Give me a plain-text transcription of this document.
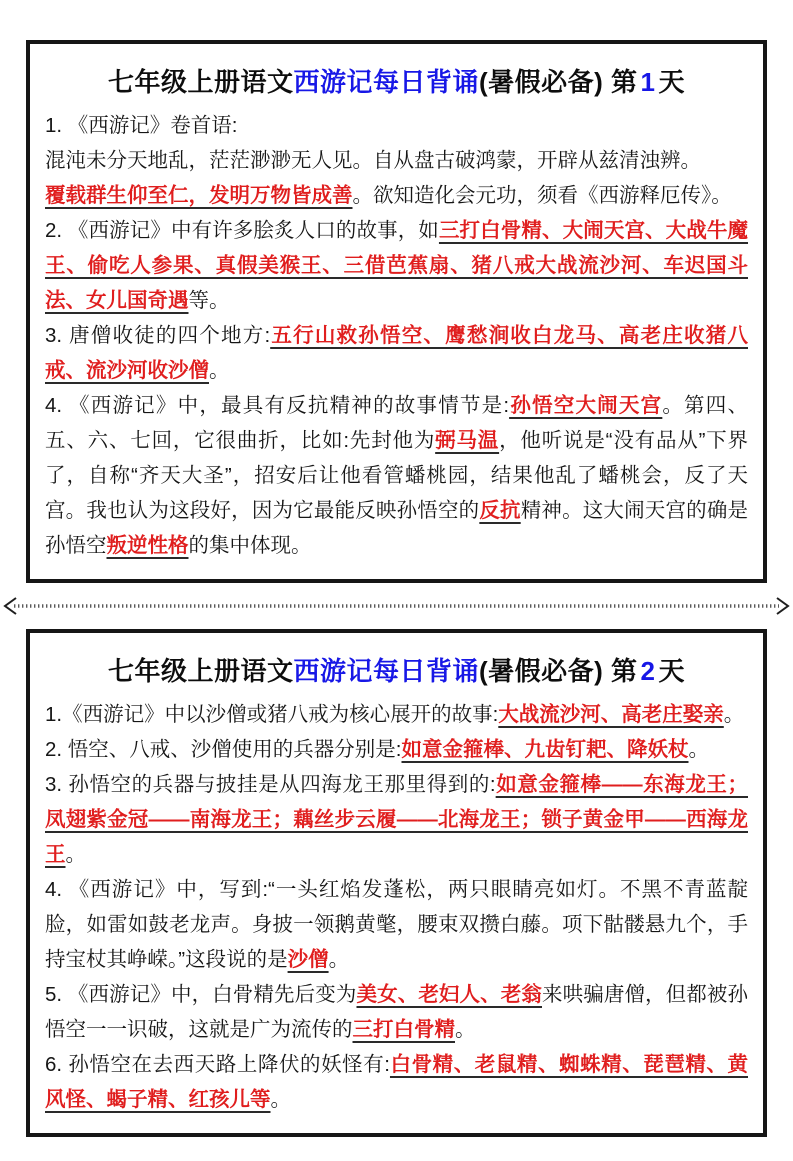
七年级上册语文西游记每日背诵(暑假必备) 第 1 天

1. 《西游记》卷首语:

混沌未分天地乱，茫茫渺渺无人见。自从盘古破鸿蒙，开辟从兹清浊辨。

覆载群生仰至仁，发明万物皆成善。欲知造化会元功，须看《西游释厄传》。

2. 《西游记》中有许多脍炙人口的故事，如三打白骨精、大闹天宫、大战牛魔王、偷吃人参果、真假美猴王、三借芭蕉扇、猪八戒大战流沙河、车迟国斗法、女儿国奇遇等。

3. 唐僧收徒的四个地方:五行山救孙悟空、鹰愁涧收白龙马、高老庄收猪八戒、流沙河收沙僧。

4. 《西游记》中，最具有反抗精神的故事情节是:孙悟空大闹天宫。第四、五、六、七回，它很曲折，比如:先封他为弼马温，他听说是“没有品从”下界了，自称“齐天大圣”，招安后让他看管蟠桃园，结果他乱了蟠桃会，反了天宫。我也认为这段好，因为它最能反映孙悟空的反抗精神。这大闹天宫的确是孙悟空叛逆性格的集中体现。

七年级上册语文西游记每日背诵(暑假必备) 第 2 天

1.《西游记》中以沙僧或猪八戒为核心展开的故事:大战流沙河、高老庄娶亲。

2. 悟空、八戒、沙僧使用的兵器分别是:如意金箍棒、九齿钉耙、降妖杖。

3. 孙悟空的兵器与披挂是从四海龙王那里得到的:如意金箍棒——东海龙王；凤翅紫金冠——南海龙王；藕丝步云履——北海龙王；锁子黄金甲——西海龙王。

4. 《西游记》中，写到:“一头红焰发蓬松，两只眼睛亮如灯。不黑不青蓝靛脸，如雷如鼓老龙声。身披一领鹅黄氅，腰束双攒白藤。项下骷髅悬九个，手持宝杖其峥嵘。”这段说的是沙僧。

5. 《西游记》中，白骨精先后变为美女、老妇人、老翁来哄骗唐僧，但都被孙悟空一一识破，这就是广为流传的三打白骨精。

6. 孙悟空在去西天路上降伏的妖怪有:白骨精、老鼠精、蜘蛛精、琵琶精、黄风怪、蝎子精、红孩儿等。
